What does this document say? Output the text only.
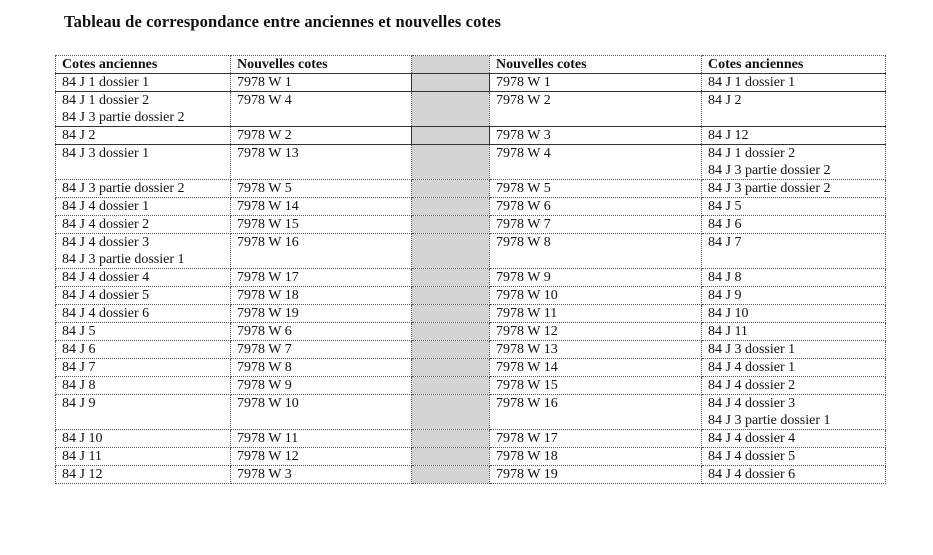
Tableau de correspondance entre anciennes et nouvelles cotes
Cotes anciennes	Nouvelles cotes		Nouvelles cotes	Cotes anciennes

84 J 1 dossier 1	7978 W 1		7978 W 1	84 J 1 dossier 1

84 J 1 dossier 2
84 J 3 partie dossier 2	7978 W 4		7978 W 2	84 J 2

84 J 2	7978 W 2		7978 W 3	84 J 12

84 J 3 dossier 1	7978 W 13		7978 W 4	84 J 1 dossier 2
84 J 3 partie dossier 2

84 J 3 partie dossier 2	7978 W 5		7978 W 5	84 J 3 partie dossier 2

84 J 4 dossier 1	7978 W 14		7978 W 6	84 J 5

84 J 4 dossier 2	7978 W 15		7978 W 7	84 J 6

84 J 4 dossier 3
84 J 3 partie dossier 1	7978 W 16		7978 W 8	84 J 7

84 J 4 dossier 4	7978 W 17		7978 W 9	84 J 8

84 J 4 dossier 5	7978 W 18		7978 W 10	84 J 9

84 J 4 dossier 6	7978 W 19		7978 W 11	84 J 10

84 J 5	7978 W 6		7978 W 12	84 J 11

84 J 6	7978 W 7		7978 W 13	84 J 3 dossier 1

84 J 7	7978 W 8		7978 W 14	84 J 4 dossier 1

84 J 8	7978 W 9		7978 W 15	84 J 4 dossier 2

84 J 9	7978 W 10		7978 W 16	84 J 4 dossier 3
84 J 3 partie dossier 1

84 J 10	7978 W 11		7978 W 17	84 J 4 dossier 4

84 J 11	7978 W 12		7978 W 18	84 J 4 dossier 5

84 J 12	7978 W 3		7978 W 19	84 J 4 dossier 6
